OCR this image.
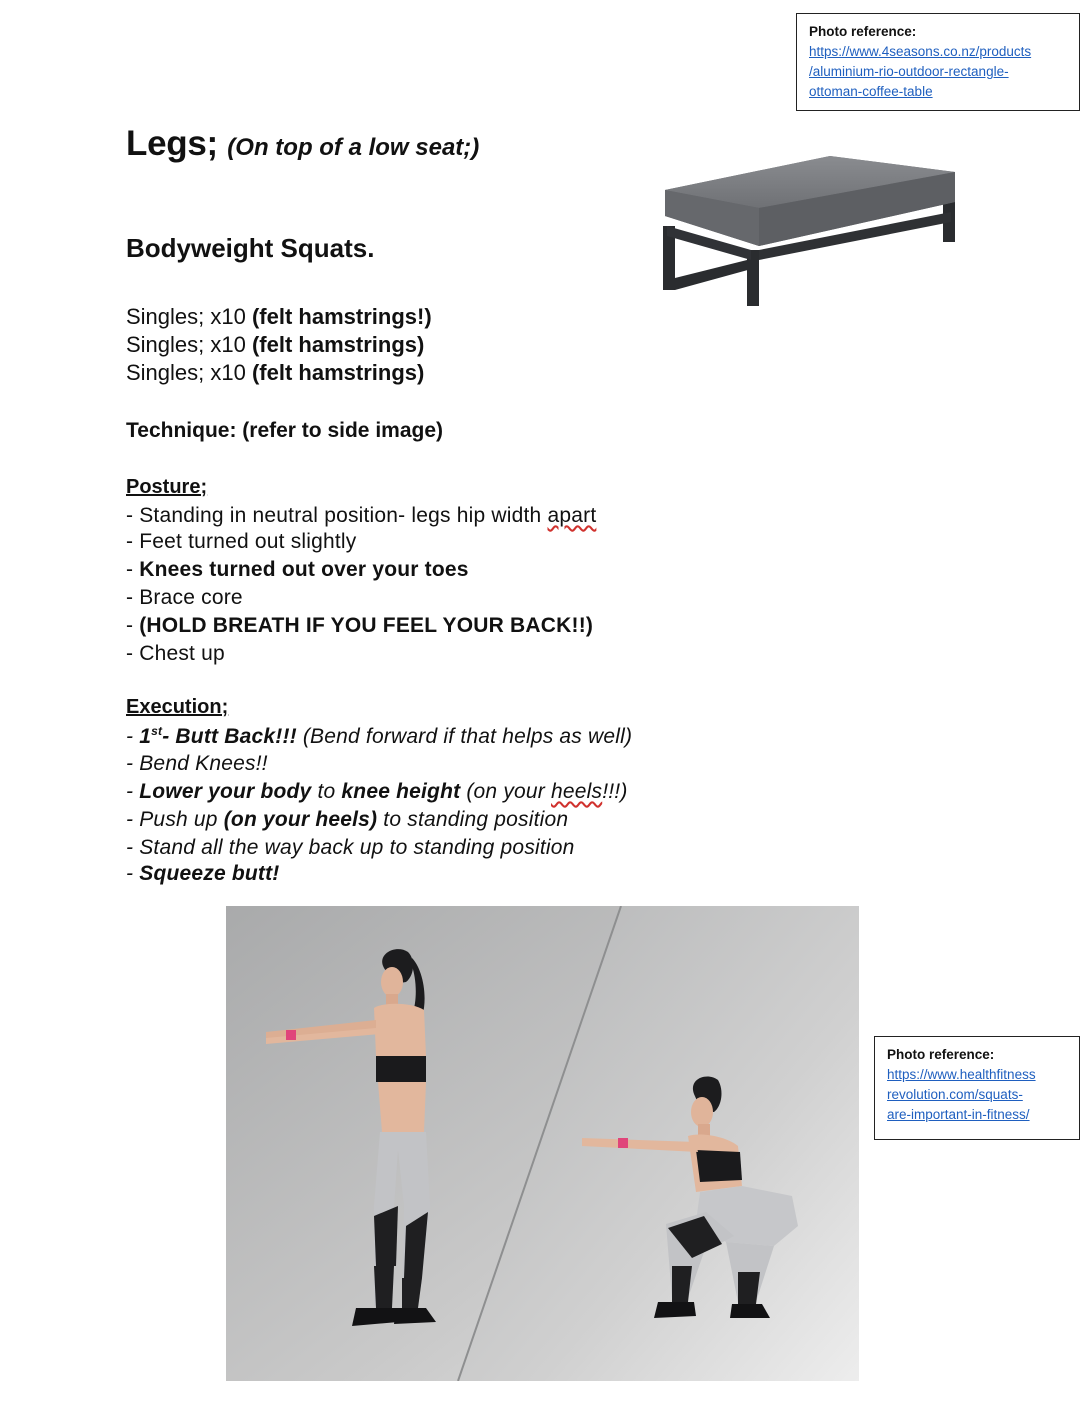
Photo reference:
https://www.4seasons.co.nz/products
/aluminium-rio-outdoor-rectangle-
ottoman-coffee-table
Photo reference:
https://www.healthfitness
revolution.com/squats-
are-important-in-fitness/
Legs; (On top of a low seat;)
Bodyweight Squats.
Singles; x10 (felt hamstrings!)
Singles; x10 (felt hamstrings)
Singles; x10 (felt hamstrings)
Technique: (refer to side image)
Posture;
- Standing in neutral position- legs hip width apart
- Feet turned out slightly
- Knees turned out over your toes
- Brace core
- (HOLD BREATH IF YOU FEEL YOUR BACK!!)
- Chest up
Execution;
- 1st- Butt Back!!! (Bend forward if that helps as well)
- Bend Knees!!
- Lower your body to knee height (on your heels!!!)
- Push up (on your heels) to standing position
- Stand all the way back up to standing position
- Squeeze butt!
